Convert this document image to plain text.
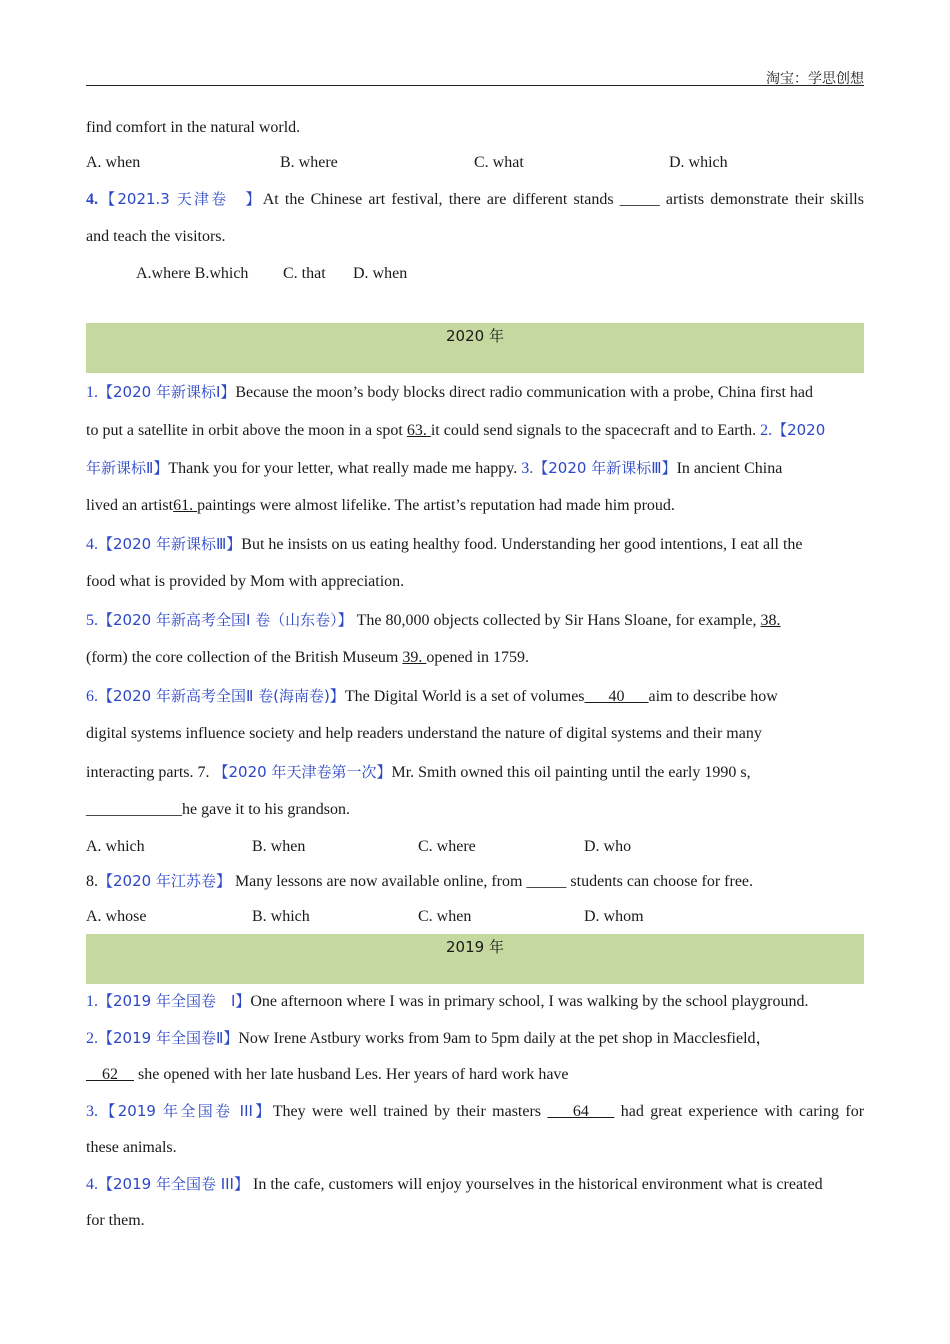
淘宝：学思创想
find comfort in the natural world.
A. when	B. where	C. what	D. which
4.【2021.3 天津卷　】At the Chinese art festival, there are different stands _____ artists demonstrate their skills
and teach the visitors.
A.where B.which	C. that	D. when
2020 年
1.【2020 年新课标Ⅰ】Because the moon’s body blocks direct radio communication with a probe, China first had
to put a satellite in orbit above the moon in a spot 63. it could send signals to the spacecraft and to Earth. 2.【2020
年新课标Ⅱ】Thank you for your letter, what really made me happy. 3.【2020 年新课标Ⅲ】In ancient China
lived an artist61. paintings were almost lifelike. The artist’s reputation had made him proud.
4.【2020 年新课标Ⅲ】But he insists on us eating healthy food. Understanding her good intentions, I eat all the
food what is provided by Mom with appreciation.
5.【2020 年新高考全国Ⅰ 卷（山东卷）】 The 80,000 objects collected by Sir Hans Sloane, for example, 38.
(form) the core collection of the British Museum 39. opened in 1759.
6.【2020 年新高考全国Ⅱ 卷(海南卷)】The Digital World is a set of volumes      40      aim to describe how
digital systems influence society and help readers understand the nature of digital systems and their many
interacting parts. 7. 【2020 年天津卷第一次】Mr. Smith owned this oil painting until the early 1990 s,
____________he gave it to his grandson.
A. which	B. when	C. where	D. who
8.【2020 年江苏卷】 Many lessons are now available online, from _____ students can choose for free.
A. whose	B. which	C. when	D. whom
2019 年
1.【2019 年全国卷　Ⅰ】One afternoon where I was in primary school, I was walking by the school playground.
2.【2019 年全国卷Ⅱ】Now Irene Astbury works from 9am to 5pm daily at the pet shop in Macclesfield，
62     she opened with her late husband Les. Her years of hard work have
3.【2019 年全国卷 III】They were well trained by their masters     64     had great experience with caring for
these animals.
4.【2019 年全国卷 III】 In the cafe, customers will enjoy yourselves in the historical environment what is created
for them.
